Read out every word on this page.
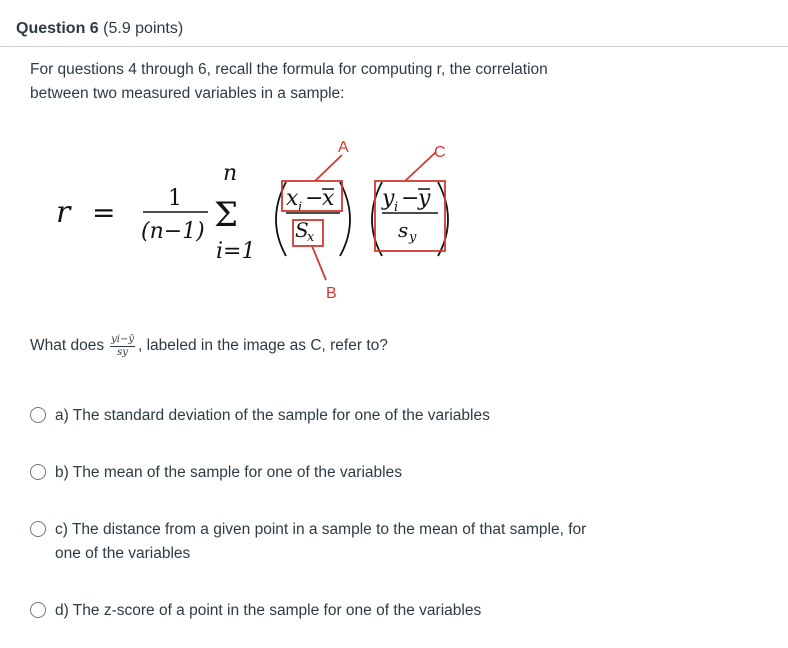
Question 6 (5.9 points)
For questions 4 through 6, recall the formula for computing r, the correlation
between two measured variables in a sample:
r = 1
(n−1)
n
Σ
i=1
x i −
x
S
x
y i −
y
s y
A
B
C
What does $\frac{yi-ȳ}{sy}$ , labeled in the image as C, refer to?
a) The standard deviation of the sample for one of the variables
b) The mean of the sample for one of the variables
c) The distance from a given point in a sample to the mean of that sample, for
one of the variables
d) The z-score of a point in the sample for one of the variables
